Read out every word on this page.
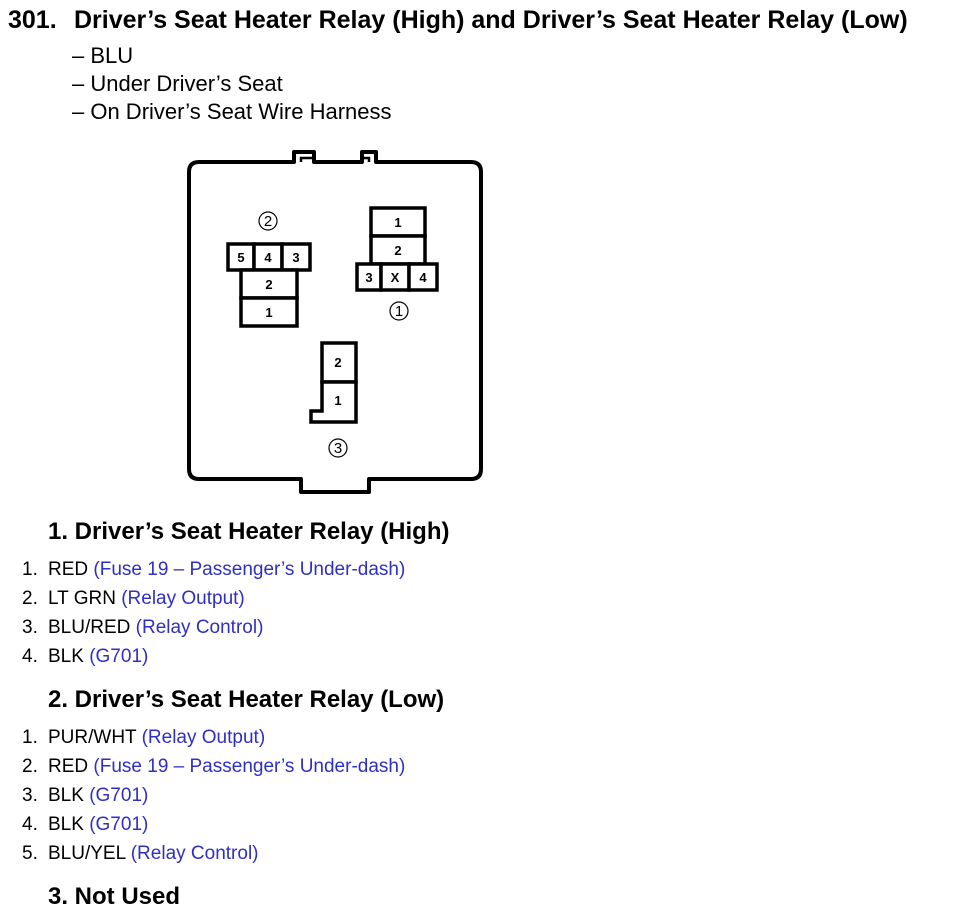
301. Driver’s Seat Heater Relay (High) and Driver’s Seat Heater Relay (Low)
– BLU
– Under Driver’s Seat
– On Driver’s Seat Wire Harness
1
2
3 X 4
1
2
5 4 3
2
1
2
1
3
1. Driver’s Seat Heater Relay (High)
1. RED (Fuse 19 – Passenger’s Under-dash)
2. LT GRN (Relay Output)
3. BLU/RED (Relay Control)
4. BLK (G701)
2. Driver’s Seat Heater Relay (Low)
1. PUR/WHT (Relay Output)
2. RED (Fuse 19 – Passenger’s Under-dash)
3. BLK (G701)
4. BLK (G701)
5. BLU/YEL (Relay Control)
3. Not Used
